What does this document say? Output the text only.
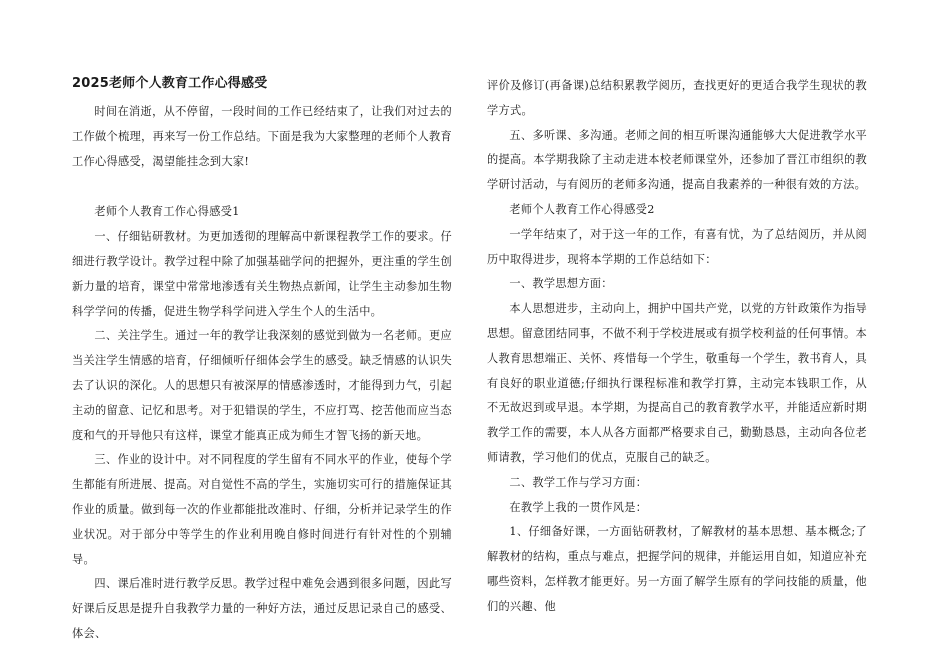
2025老师个人教育工作心得感受

时间在消逝，从不停留，一段时间的工作已经结束了，让我们对过去的工作做个梳理，再来写一份工作总结。下面是我为大家整理的老师个人教育工作心得感受，渴望能挂念到大家!

老师个人教育工作心得感受1

一、仔细钻研教材。为更加透彻的理解高中新课程教学工作的要求。仔细进行教学设计。教学过程中除了加强基础学问的把握外，更注重的学生创新力量的培育，课堂中常常地渗透有关生物热点新闻，让学生主动参加生物科学学问的传播，促进生物学科学问进入学生个人的生活中。

二、关注学生。通过一年的教学让我深刻的感觉到做为一名老师。更应当关注学生情感的培育，仔细倾听仔细体会学生的感受。缺乏情感的认识失去了认识的深化。人的思想只有被深厚的情感渗透时，才能得到力气，引起主动的留意、记忆和思考。对于犯错误的学生，不应打骂、挖苦他而应当态度和气的开导他只有这样，课堂才能真正成为师生才智飞扬的新天地。

三、作业的设计中。对不同程度的学生留有不同水平的作业，使每个学生都能有所进展、提高。对自觉性不高的学生，实施切实可行的措施保证其作业的质量。做到每一次的作业都能批改准时、仔细，分析并记录学生的作业状况。对于部分中等学生的作业利用晚自修时间进行有针对性的个别辅导。

四、课后准时进行教学反思。教学过程中难免会遇到很多问题，因此写好课后反思是提升自我教学力量的一种好方法，通过反思记录自己的感受、体会、

评价及修订(再备课)总结积累教学阅历，查找更好的更适合我学生现状的教学方式。

五、多听课、多沟通。老师之间的相互听课沟通能够大大促进教学水平的提高。本学期我除了主动走进本校老师课堂外，还参加了晋江市组织的教学研讨活动，与有阅历的老师多沟通，提高自我素养的一种很有效的方法。

老师个人教育工作心得感受2

一学年结束了，对于这一年的工作，有喜有忧，为了总结阅历，并从阅历中取得进步，现将本学期的工作总结如下：

一、教学思想方面：

本人思想进步，主动向上，拥护中国共产党，以党的方针政策作为指导思想。留意团结同事，不做不利于学校进展或有损学校利益的任何事情。本人教育思想端正、关怀、疼惜每一个学生，敬重每一个学生，教书育人，具有良好的职业道德;仔细执行课程标准和教学打算，主动完本钱职工作，从不无故迟到或早退。本学期，为提高自己的教育教学水平，并能适应新时期教学工作的需要，本人从各方面都严格要求自己，勤勤恳恳，主动向各位老师请教，学习他们的优点，克服自己的缺乏。

二、教学工作与学习方面：

在教学上我的一贯作风是：

1、仔细备好课，一方面钻研教材，了解教材的基本思想、基本概念;了解教材的结构，重点与难点，把握学问的规律，并能运用自如，知道应补充哪些资料，怎样教才能更好。另一方面了解学生原有的学问技能的质量，他们的兴趣、他
